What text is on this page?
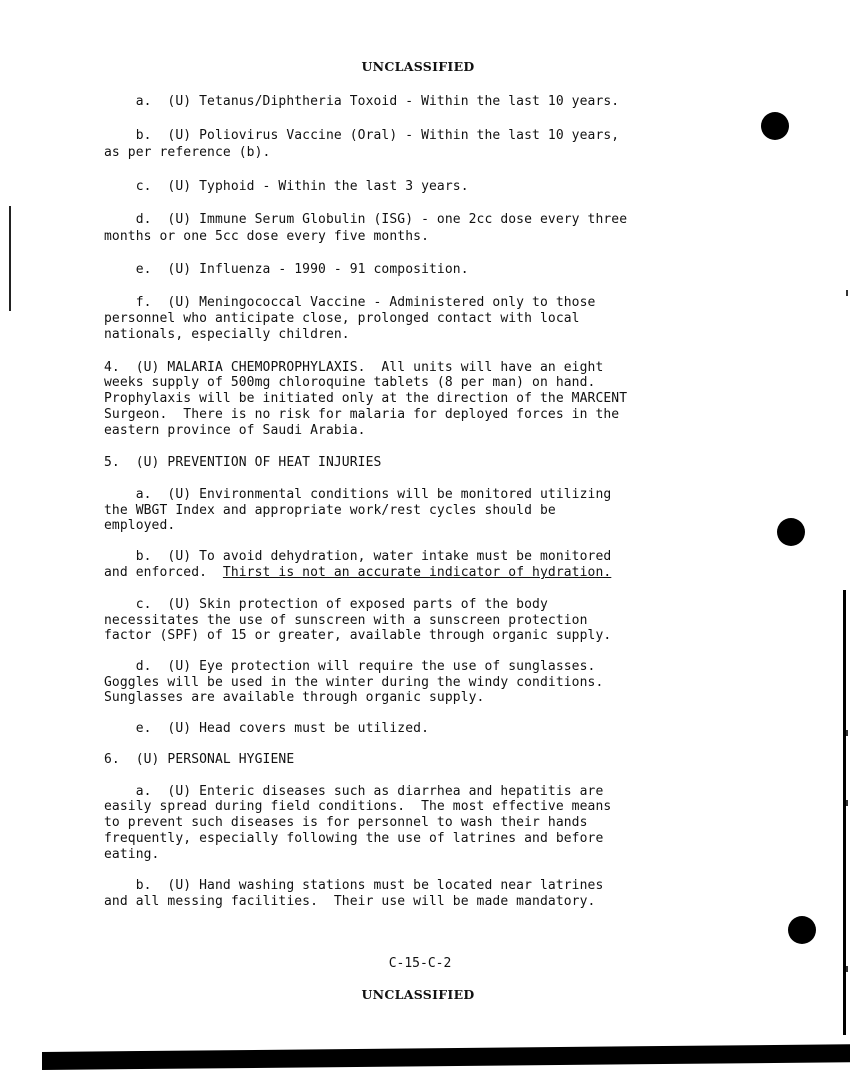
UNCLASSIFIED
a.  (U) Tetanus/Diphtheria Toxoid - Within the last 10 years.
b.  (U) Poliovirus Vaccine (Oral) - Within the last 10 years,
as per reference (b).
c.  (U) Typhoid - Within the last 3 years.
d.  (U) Immune Serum Globulin (ISG) - one 2cc dose every three
months or one 5cc dose every five months.
e.  (U) Influenza - 1990 - 91 composition.
f.  (U) Meningococcal Vaccine - Administered only to those
personnel who anticipate close, prolonged contact with local
nationals, especially children.
4.  (U) MALARIA CHEMOPROPHYLAXIS.  All units will have an eight
weeks supply of 500mg chloroquine tablets (8 per man) on hand.
Prophylaxis will be initiated only at the direction of the MARCENT
Surgeon.  There is no risk for malaria for deployed forces in the
eastern province of Saudi Arabia.
5.  (U) PREVENTION OF HEAT INJURIES
a.  (U) Environmental conditions will be monitored utilizing
the WBGT Index and appropriate work/rest cycles should be
employed.
b.  (U) To avoid dehydration, water intake must be monitored
and enforced. Thirst is not an accurate indicator of hydration.
c.  (U) Skin protection of exposed parts of the body
necessitates the use of sunscreen with a sunscreen protection
factor (SPF) of 15 or greater, available through organic supply.
d.  (U) Eye protection will require the use of sunglasses.
Goggles will be used in the winter during the windy conditions.
Sunglasses are available through organic supply.
e.  (U) Head covers must be utilized.
6.  (U) PERSONAL HYGIENE
a.  (U) Enteric diseases such as diarrhea and hepatitis are
easily spread during field conditions.  The most effective means
to prevent such diseases is for personnel to wash their hands
frequently, especially following the use of latrines and before
eating.
b.  (U) Hand washing stations must be located near latrines
and all messing facilities.  Their use will be made mandatory.
C-15-C-2
UNCLASSIFIED
